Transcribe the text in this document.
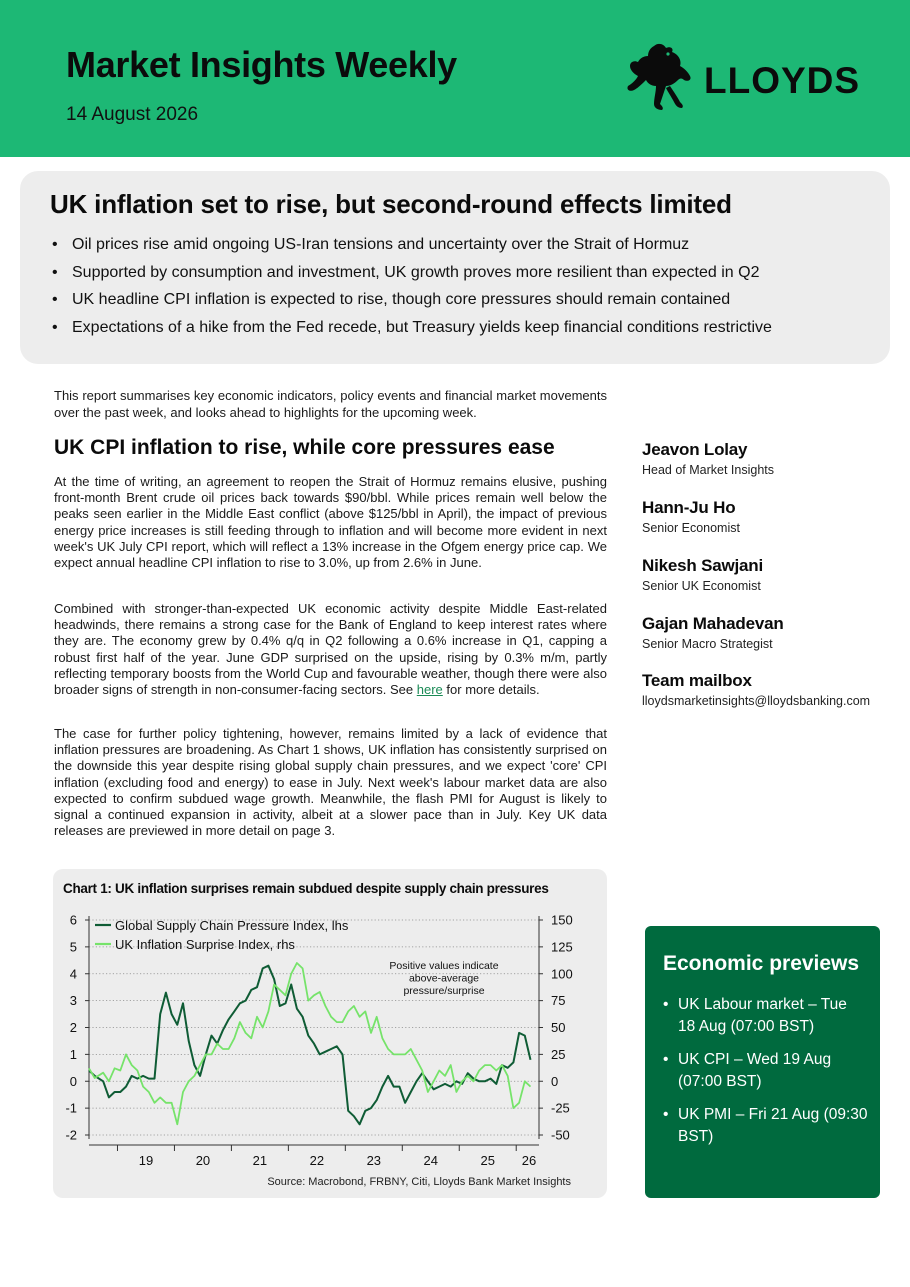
Market Insights Weekly
14 August 2026
LLOYDS
UK inflation set to rise, but second-round effects limited
• Oil prices rise amid ongoing US-Iran tensions and uncertainty over the Strait of Hormuz
• Supported by consumption and investment, UK growth proves more resilient than expected in Q2
• UK headline CPI inflation is expected to rise, though core pressures should remain contained
• Expectations of a hike from the Fed recede, but Treasury yields keep financial conditions restrictive
This report summarises key economic indicators, policy events and financial market movements over the past week, and looks ahead to highlights for the upcoming week.
UK CPI inflation to rise, while core pressures ease
At the time of writing, an agreement to reopen the Strait of Hormuz remains elusive, pushing front-month Brent crude oil prices back towards $90/bbl. While prices remain well below the peaks seen earlier in the Middle East conflict (above $125/bbl in April), the impact of previous energy price increases is still feeding through to inflation and will become more evident in next week's UK July CPI report, which will reflect a 13% increase in the Ofgem energy price cap. We expect annual headline CPI inflation to rise to 3.0%, up from 2.6% in June.
Combined with stronger-than-expected UK economic activity despite Middle East-related headwinds, there remains a strong case for the Bank of England to keep interest rates where they are. The economy grew by 0.4% q/q in Q2 following a 0.6% increase in Q1, capping a robust first half of the year. June GDP surprised on the upside, rising by 0.3% m/m, partly reflecting temporary boosts from the World Cup and favourable weather, though there were also broader signs of strength in non-consumer-facing sectors. See here for more details.
The case for further policy tightening, however, remains limited by a lack of evidence that inflation pressures are broadening. As Chart 1 shows, UK inflation has consistently surprised on the downside this year despite rising global supply chain pressures, and we expect 'core' CPI inflation (excluding food and energy) to ease in July. Next week's labour market data are also expected to confirm subdued wage growth. Meanwhile, the flash PMI for August is likely to signal a continued expansion in activity, albeit at a slower pace than in July. Key UK data releases are previewed in more detail on page 3.
Jeavon Lolay
Head of Market Insights
Hann-Ju Ho
Senior Economist
Nikesh Sawjani
Senior UK Economist
Gajan Mahadevan
Senior Macro Strategist
Team mailbox
lloydsmarketinsights@lloydsbanking.com
Chart 1: UK inflation surprises remain subdued despite supply chain pressures
6
5
4
3
2
1
0
-1
-2
150
125
100
75
50
25
0
-25
-50
19	20	21	22	23	24	25 26
Global Supply Chain Pressure Index, lhs
UK Inflation Surprise Index, rhs
Positive values indicate
above-average
pressure/surprise
Source: Macrobond, FRBNY, Citi, Lloyds Bank Market Insights
Economic previews
• UK Labour market – Tue 18 Aug (07:00 BST)
• UK CPI – Wed 19 Aug (07:00 BST)
• UK PMI – Fri 21 Aug (09:30 BST)
